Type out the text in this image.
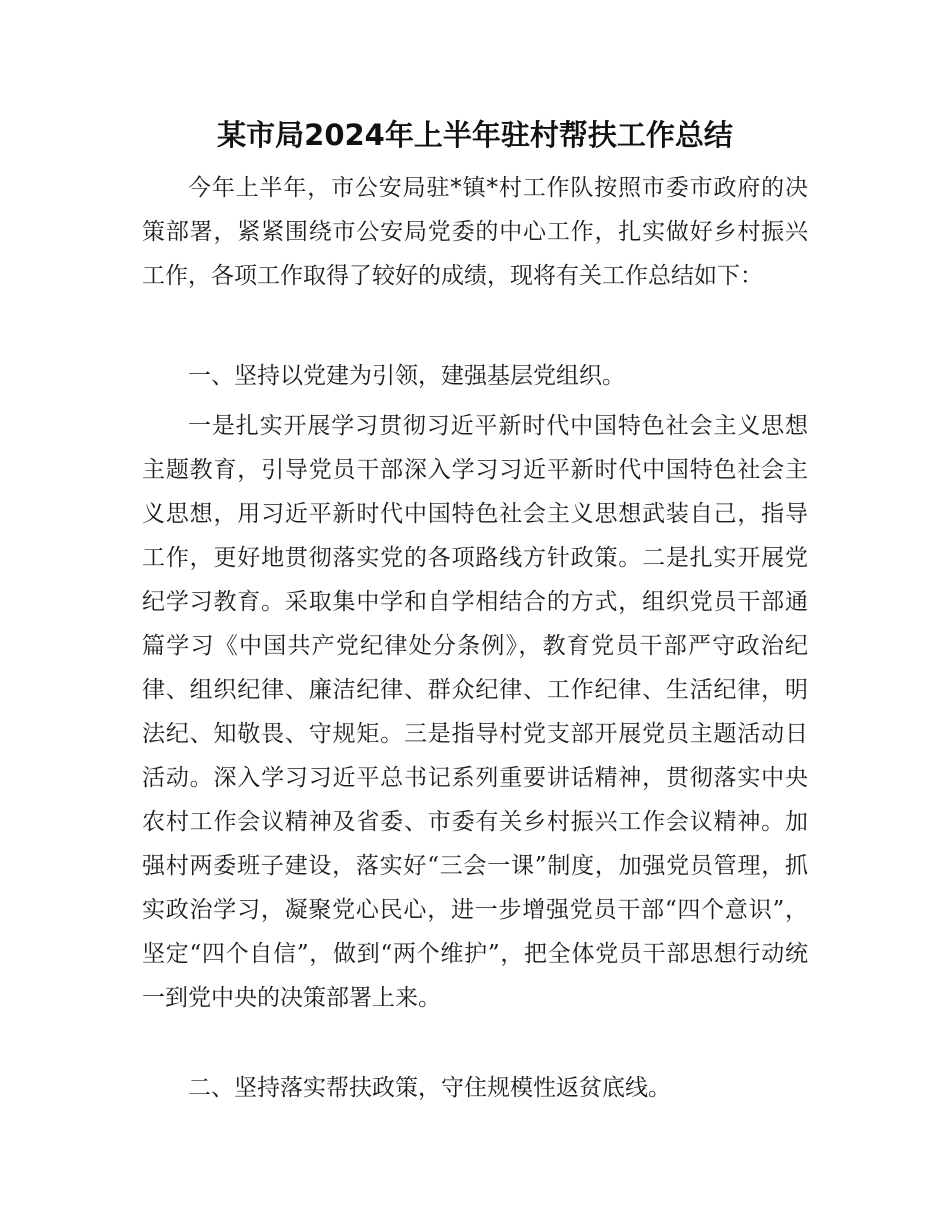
某市局2024年上半年驻村帮扶工作总结

今年上半年，市公安局驻*镇*村工作队按照市委市政府的决策部署，紧紧围绕市公安局党委的中心工作，扎实做好乡村振兴工作，各项工作取得了较好的成绩，现将有关工作总结如下：

一、坚持以党建为引领，建强基层党组织。

一是扎实开展学习贯彻习近平新时代中国特色社会主义思想主题教育，引导党员干部深入学习习近平新时代中国特色社会主义思想，用习近平新时代中国特色社会主义思想武装自己，指导工作，更好地贯彻落实党的各项路线方针政策。二是扎实开展党纪学习教育。采取集中学和自学相结合的方式，组织党员干部通篇学习《中国共产党纪律处分条例》，教育党员干部严守政治纪律、组织纪律、廉洁纪律、群众纪律、工作纪律、生活纪律，明法纪、知敬畏、守规矩。三是指导村党支部开展党员主题活动日活动。深入学习习近平总书记系列重要讲话精神，贯彻落实中央农村工作会议精神及省委、市委有关乡村振兴工作会议精神。加强村两委班子建设，落实好“三会一课”制度，加强党员管理，抓实政治学习，凝聚党心民心，进一步增强党员干部“四个意识”，坚定“四个自信”，做到“两个维护”，把全体党员干部思想行动统一到党中央的决策部署上来。

二、坚持落实帮扶政策，守住规模性返贫底线。
